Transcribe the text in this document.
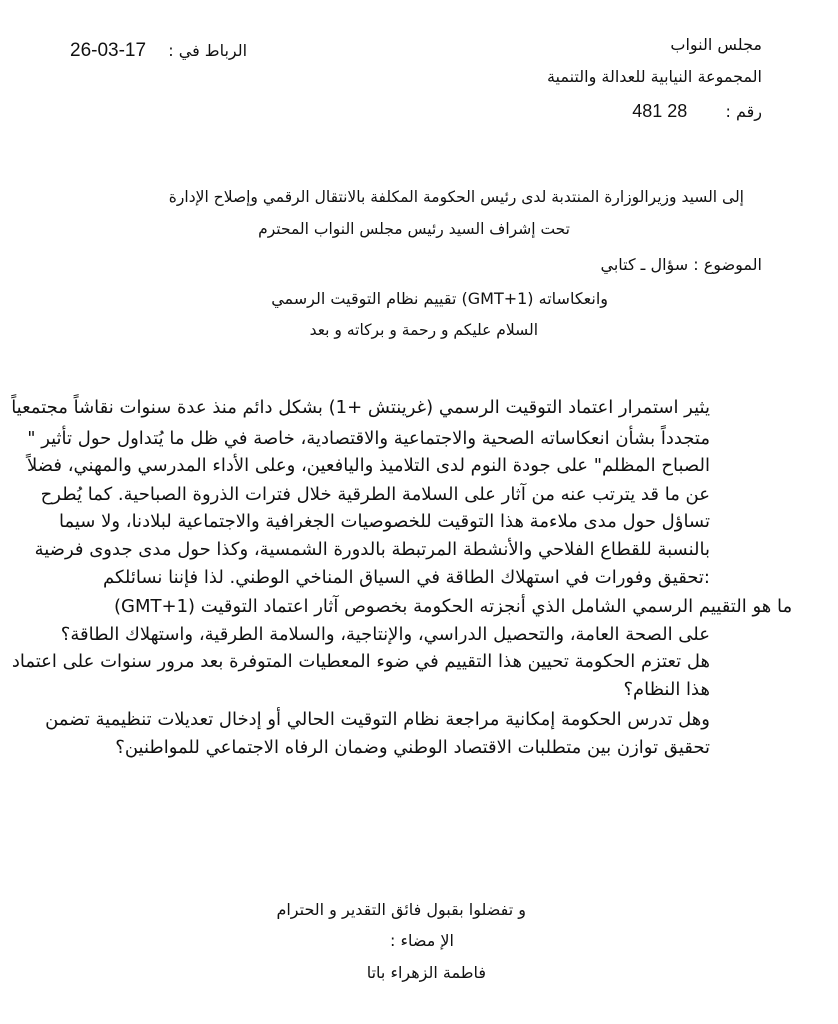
مجلس النواب
المجموعة النيابية للعدالة والتنمية
رقم :  28 481
26-03-17 الرباط في :
إلى السيد وزيرالوزارة المنتدبة لدى رئيس الحكومة المكلفة بالانتقال الرقمي وإصلاح الإدارة
تحت إشراف السيد رئيس مجلس النواب المحترم
الموضوع : سؤال ـ كتابي
وانعكاساته (GMT+1) تقييم نظام التوقيت الرسمي
السلام عليكم و رحمة و بركاته و بعد
يثير استمرار اعتماد التوقيت الرسمي (غرينتش +1) بشكل دائم منذ عدة سنوات نقاشاً مجتمعياً
متجدداً بشأن انعكاساته الصحية والاجتماعية والاقتصادية، خاصة في ظل ما يُتداول حول تأثير "
الصباح المظلم" على جودة النوم لدى التلاميذ واليافعين، وعلى الأداء المدرسي والمهني، فضلاً
عن ما قد يترتب عنه من آثار على السلامة الطرقية خلال فترات الذروة الصباحية. كما يُطرح
تساؤل حول مدى ملاءمة هذا التوقيت للخصوصيات الجغرافية والاجتماعية لبلادنا، ولا سيما
بالنسبة للقطاع الفلاحي والأنشطة المرتبطة بالدورة الشمسية، وكذا حول مدى جدوى فرضية
:تحقيق وفورات في استهلاك الطاقة في السياق المناخي الوطني. لذا فإننا نسائلكم
(GMT+1) ما هو التقييم الرسمي الشامل الذي أنجزته الحكومة بخصوص آثار اعتماد التوقيت
على الصحة العامة، والتحصيل الدراسي، والإنتاجية، والسلامة الطرقية، واستهلاك الطاقة؟
هل تعتزم الحكومة تحيين هذا التقييم في ضوء المعطيات المتوفرة بعد مرور سنوات على اعتماد
هذا النظام؟
وهل تدرس الحكومة إمكانية مراجعة نظام التوقيت الحالي أو إدخال تعديلات تنظيمية تضمن
تحقيق توازن بين متطلبات الاقتصاد الوطني وضمان الرفاه الاجتماعي للمواطنين؟
و تفضلوا بقبول فائق التقدير و الحترام
الإ مضاء :
فاطمة الزهراء باتا
